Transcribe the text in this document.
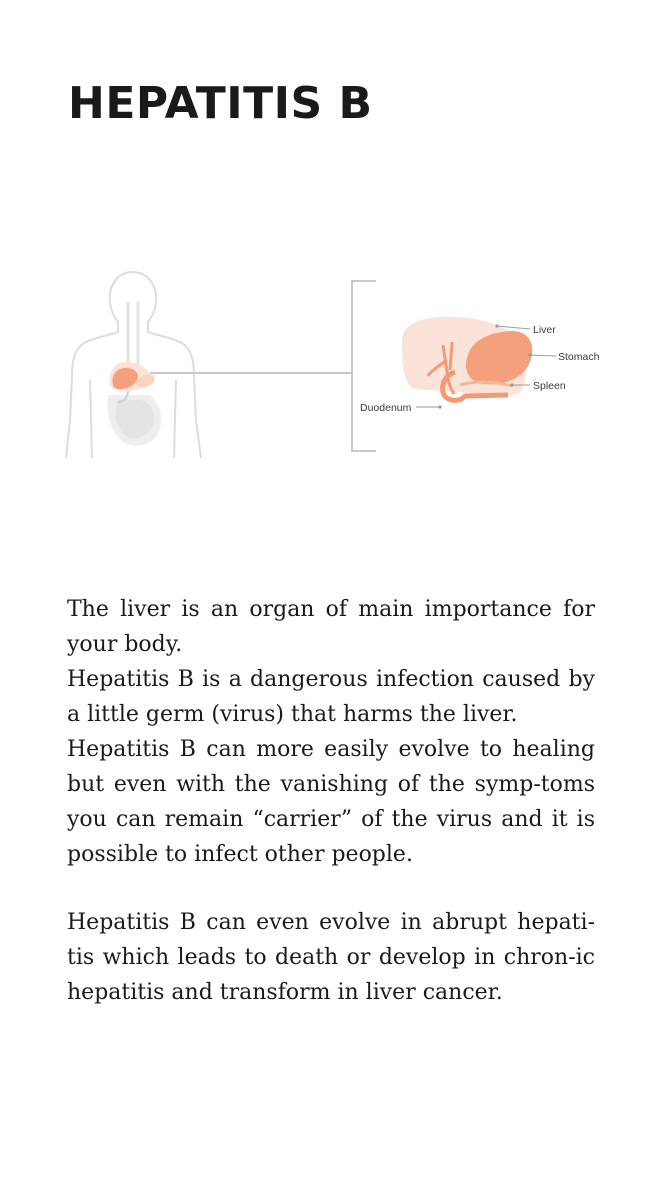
HEPATITIS B
Liver
Stomach
Spleen
Duodenum

The liver is an organ of main importance for your body.

Hepatitis B is a dangerous infection caused by a little germ (virus) that harms the liver.

Hepatitis B can more easily evolve to healing but even with the vanishing of the symp-toms you can remain “carrier” of the virus and it is possible to infect other people.

Hepatitis B can even evolve in abrupt hepati-tis which leads to death or develop in chron-ic hepatitis and transform in liver cancer.
